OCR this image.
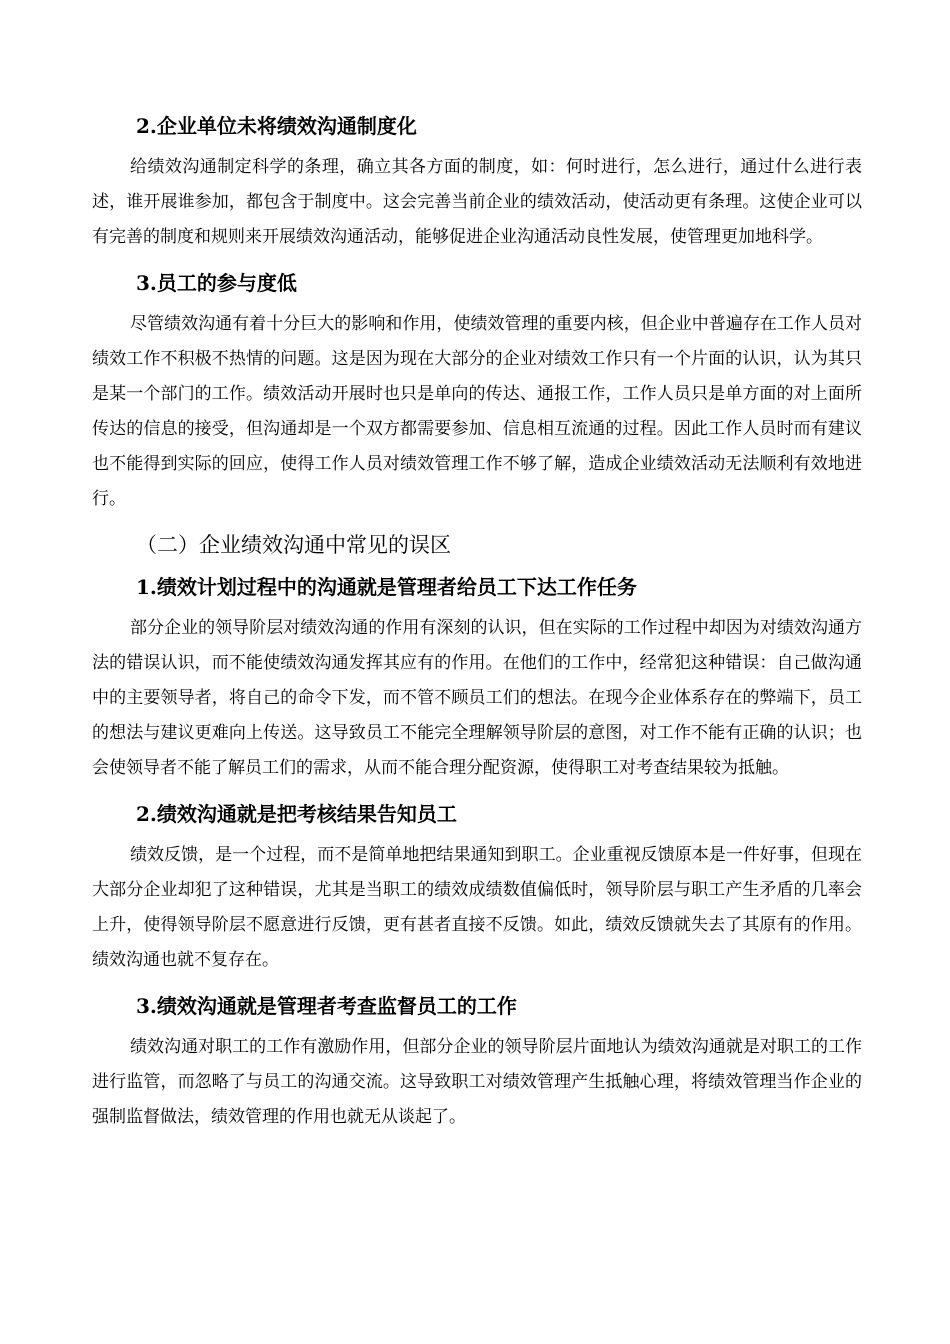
2.企业单位未将绩效沟通制度化
给绩效沟通制定科学的条理，确立其各方面的制度，如：何时进行，怎么进行，通过什么进行表述，谁开展谁参加，都包含于制度中。这会完善当前企业的绩效活动，使活动更有条理。这使企业可以有完善的制度和规则来开展绩效沟通活动，能够促进企业沟通活动良性发展，使管理更加地科学。
3.员工的参与度低
尽管绩效沟通有着十分巨大的影响和作用，使绩效管理的重要内核，但企业中普遍存在工作人员对绩效工作不积极不热情的问题。这是因为现在大部分的企业对绩效工作只有一个片面的认识，认为其只是某一个部门的工作。绩效活动开展时也只是单向的传达、通报工作，工作人员只是单方面的对上面所传达的信息的接受，但沟通却是一个双方都需要参加、信息相互流通的过程。因此工作人员时而有建议也不能得到实际的回应，使得工作人员对绩效管理工作不够了解，造成企业绩效活动无法顺利有效地进行。
（二）企业绩效沟通中常见的误区
1.绩效计划过程中的沟通就是管理者给员工下达工作任务
部分企业的领导阶层对绩效沟通的作用有深刻的认识，但在实际的工作过程中却因为对绩效沟通方法的错误认识，而不能使绩效沟通发挥其应有的作用。在他们的工作中，经常犯这种错误：自己做沟通中的主要领导者，将自己的命令下发，而不管不顾员工们的想法。在现今企业体系存在的弊端下，员工的想法与建议更难向上传送。这导致员工不能完全理解领导阶层的意图，对工作不能有正确的认识；也会使领导者不能了解员工们的需求，从而不能合理分配资源，使得职工对考查结果较为抵触。
2.绩效沟通就是把考核结果告知员工
绩效反馈，是一个过程，而不是简单地把结果通知到职工。企业重视反馈原本是一件好事，但现在大部分企业却犯了这种错误，尤其是当职工的绩效成绩数值偏低时，领导阶层与职工产生矛盾的几率会上升，使得领导阶层不愿意进行反馈，更有甚者直接不反馈。如此，绩效反馈就失去了其原有的作用。绩效沟通也就不复存在。
3.绩效沟通就是管理者考查监督员工的工作
绩效沟通对职工的工作有激励作用，但部分企业的领导阶层片面地认为绩效沟通就是对职工的工作进行监管，而忽略了与员工的沟通交流。这导致职工对绩效管理产生抵触心理，将绩效管理当作企业的强制监督做法，绩效管理的作用也就无从谈起了。
